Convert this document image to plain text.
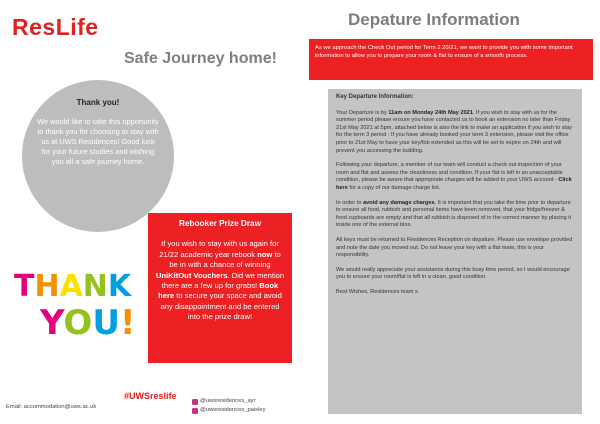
ResLife	Depature Information
Safe Journey home!
As we approach the Check Out period for Term 2 20/21, we want to provide you with some important information to allow you to prepare your room & flat to ensure of a smooth process.
Thank you!
We would like to take this opportunity to thank you for choosing to stay with us at UWS Residences! Good luck for your future studies and wishing you all a safe journey home.
THANK
YOU!
Rebooker Prize Draw
If you wish to stay with us again for 21/22 academic year rebook now to be in with a chance of winning UniKitOut Vouchers. Did we mention there are a few up for grabs! Book here to secure your space and avoid any disappointment and be entered into the prize draw!
Key Departure Information:

Your Departure is by 11am on Monday 24th May 2021. If you wish to stay with us for the summer period please ensure you have contacted us to book an extension no later than Friday 21st May 2021 at 5pm, attached below is also the link to make an application if you wish to stay for the term 3 period : If you have already booked your term 3 extension, please visit the office prior to 21st May to have your key/fob extended as this will be set to expire on 24th and will prevent you accessing the building.

Following your departure, a member of our team will conduct a check out inspection of your room and flat and assess the cleanliness and condition. If your flat is left in an unacceptable condition, please be aware that appropriate charges will be added to your UWS account - Click here for a copy of our damage charge list.

In order to avoid any damage charges, It is important that you take the time prior to departure to ensure all food, rubbish and personal items have been removed, that your fridge/freezer & food cupboards are empty and that all rubbish is disposed of in the correct manner by placing it inside one of the external bins.

All keys must be returned to Residences Reception on depature. Please use envelope provided and note the date you moved out. Do not leave your key with a flat mate, this is your responsibility.

We would really appreciate your assistance during this busy time period, so I would encourage you to ensure your room/flat is left in a clean, good condition.

Best Wishes, Residences team x

#UWSreslife
Email: accommodation@uws.ac.uk
@uwsresidences_ayr
@uwsresidences_paisley
